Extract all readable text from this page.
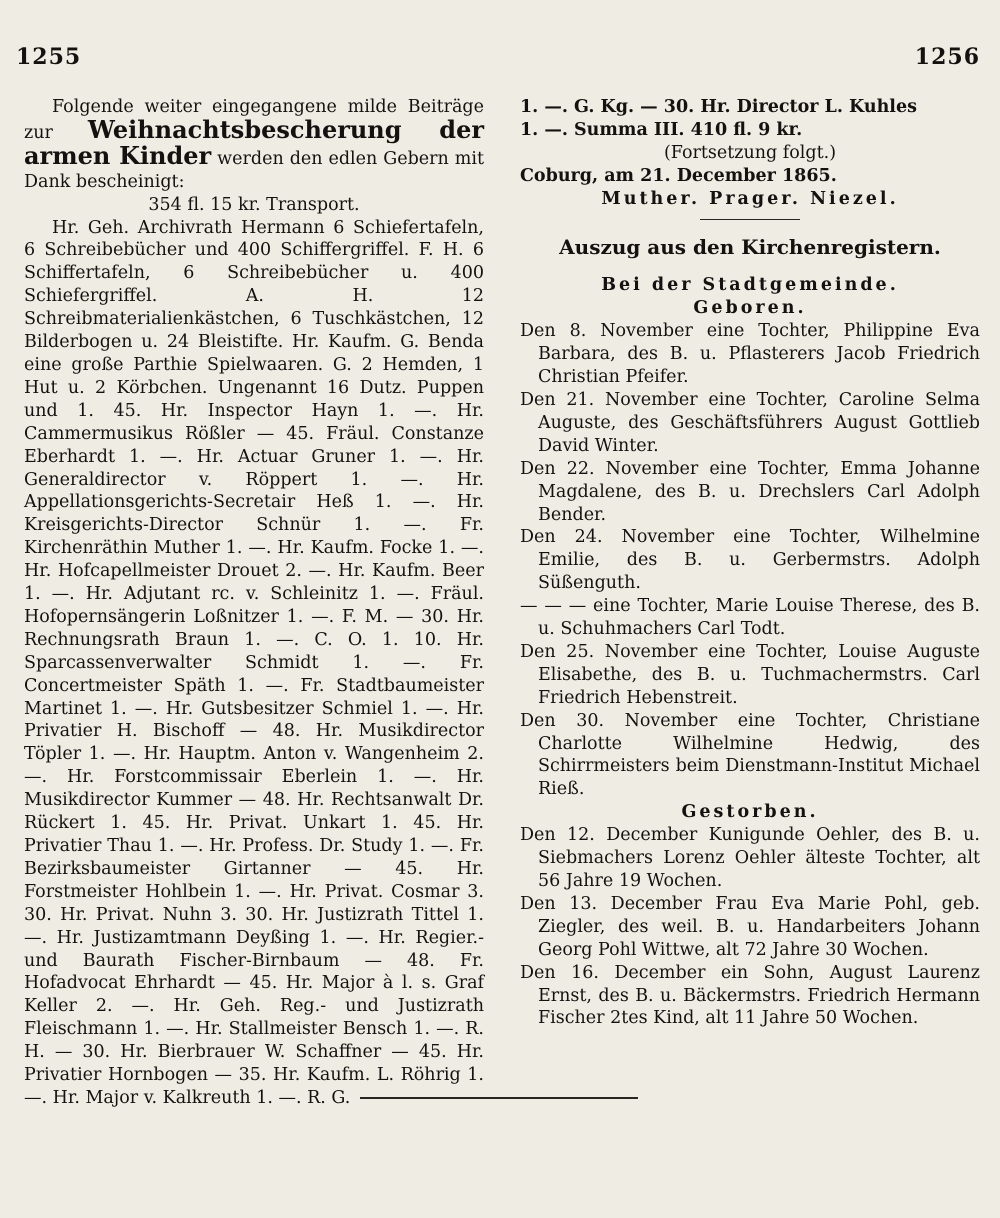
1255	1256

Folgende weiter eingegangene milde Beiträge zur Weihnachtsbescherung der armen Kinder werden den edlen Gebern mit Dank bescheinigt:

354 fl. 15 kr. Transport.

Hr. Geh. Archivrath Hermann 6 Schiefertafeln, 6 Schreibebücher und 400 Schiffergriffel. F. H. 6 Schiffertafeln, 6 Schreibebücher u. 400 Schiefergriffel. A. H. 12 Schreibmaterialienkästchen, 6 Tuschkästchen, 12 Bilderbogen u. 24 Bleistifte. Hr. Kaufm. G. Benda eine große Parthie Spielwaaren. G. 2 Hemden, 1 Hut u. 2 Körbchen. Ungenannt 16 Dutz. Puppen und 1. 45. Hr. Inspector Hayn 1. —. Hr. Cammermusikus Rößler — 45. Fräul. Constanze Eberhardt 1. —. Hr. Actuar Gruner 1. —. Hr. Generaldirector v. Röppert 1. —. Hr. Appellationsgerichts-Secretair Heß 1. —. Hr. Kreisgerichts-Director Schnür 1. —. Fr. Kirchenräthin Muther 1. —. Hr. Kaufm. Focke 1. —. Hr. Hofcapellmeister Drouet 2. —. Hr. Kaufm. Beer 1. —. Hr. Adjutant rc. v. Schleinitz 1. —. Fräul. Hofopernsängerin Loßnitzer 1. —. F. M. — 30. Hr. Rechnungsrath Braun 1. —. C. O. 1. 10. Hr. Sparcassenverwalter Schmidt 1. —. Fr. Concertmeister Späth 1. —. Fr. Stadtbaumeister Martinet 1. —. Hr. Gutsbesitzer Schmiel 1. —. Hr. Privatier H. Bischoff — 48. Hr. Musikdirector Töpler 1. —. Hr. Hauptm. Anton v. Wangenheim 2. —. Hr. Forstcommissair Eberlein 1. —. Hr. Musikdirector Kummer — 48. Hr. Rechtsanwalt Dr. Rückert 1. 45. Hr. Privat. Unkart 1. 45. Hr. Privatier Thau 1. —. Hr. Profess. Dr. Study 1. —. Fr. Bezirksbaumeister Girtanner — 45. Hr. Forstmeister Hohlbein 1. —. Hr. Privat. Cosmar 3. 30. Hr. Privat. Nuhn 3. 30. Hr. Justizrath Tittel 1. —. Hr. Justizamtmann Deyßing 1. —. Hr. Regier.- und Baurath Fischer-Birnbaum — 48. Fr. Hofadvocat Ehrhardt — 45. Hr. Major à l. s. Graf Keller 2. —. Hr. Geh. Reg.- und Justizrath Fleischmann 1. —. Hr. Stallmeister Bensch 1. —. R. H. — 30. Hr. Bierbrauer W. Schaffner — 45. Hr. Privatier Hornbogen — 35. Hr. Kaufm. L. Röhrig 1. —. Hr. Major v. Kalkreuth 1. —. R. G.

1. —. G. Kg. — 30. Hr. Director L. Kuhles

1. —. Summa III. 410 fl. 9 kr.

(Fortsetzung folgt.)

Coburg, am 21. December 1865.

Muther. Prager. Niezel.

Auszug aus den Kirchenregistern.

Bei der Stadtgemeinde.

Geboren.

Den 8. November eine Tochter, Philippine Eva Barbara, des B. u. Pflasterers Jacob Friedrich Christian Pfeifer.

Den 21. November eine Tochter, Caroline Selma Auguste, des Geschäftsführers August Gottlieb David Winter.

Den 22. November eine Tochter, Emma Johanne Magdalene, des B. u. Drechslers Carl Adolph Bender.

Den 24. November eine Tochter, Wilhelmine Emilie, des B. u. Gerbermstrs. Adolph Süßenguth.

— — — eine Tochter, Marie Louise Therese, des B. u. Schuhmachers Carl Todt.

Den 25. November eine Tochter, Louise Auguste Elisabethe, des B. u. Tuchmachermstrs. Carl Friedrich Hebenstreit.

Den 30. November eine Tochter, Christiane Charlotte Wilhelmine Hedwig, des Schirrmeisters beim Dienstmann-Institut Michael Rieß.

Gestorben.

Den 12. December Kunigunde Oehler, des B. u. Siebmachers Lorenz Oehler älteste Tochter, alt 56 Jahre 19 Wochen.

Den 13. December Frau Eva Marie Pohl, geb. Ziegler, des weil. B. u. Handarbeiters Johann Georg Pohl Wittwe, alt 72 Jahre 30 Wochen.

Den 16. December ein Sohn, August Laurenz Ernst, des B. u. Bäckermstrs. Friedrich Hermann Fischer 2tes Kind, alt 11 Jahre 50 Wochen.
